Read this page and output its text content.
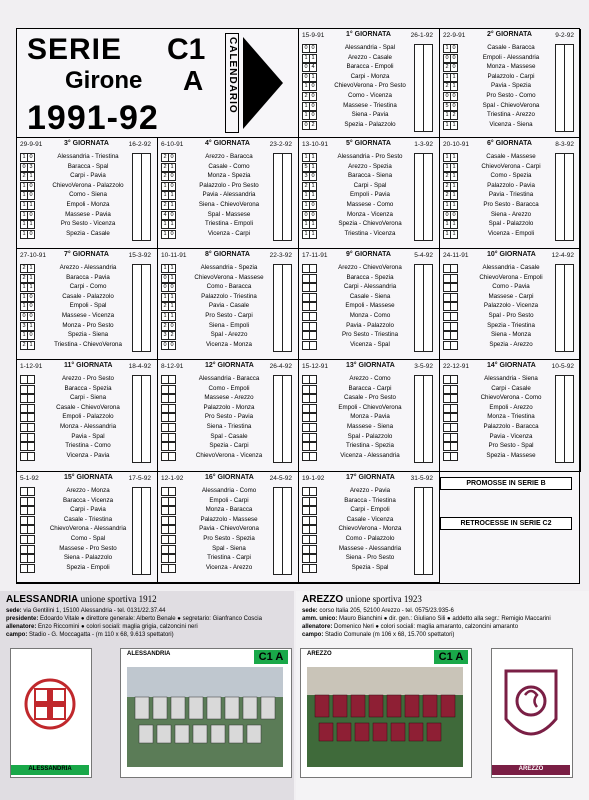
SERIE C1
Girone A
1991-92
CALENDARIO
15-9-91	1° GIORNATA	26-1-92
0 0	Alessandria - Spal
1 1	Arezzo - Casale
0 4	Baracca - Empoli
0 1	Carpi - Monza
1 0	ChievoVerona - Pro Sesto
2 0	Como - Vicenza
1 0	Massese - Triestina
1 0	Siena - Pavia
0 2	Spezia - Palazzolo
22-9-91	2° GIORNATA	9-2-92
1 0	Casale - Baracca
0 0	Empoli - Alessandria
2 0	Monza - Massese
1 1	Palazzolo - Carpi
2 1	Pavia - Spezia
0 0	Pro Sesto - Como
5 0	Spal - ChievoVerona
1 2	Triestina - Arezzo
1 1	Vicenza - Siena
29-9-91	3° GIORNATA	16-2-92
1 0	Alessandria - Triestina
0 3	Baracca - Spal
2 1	Carpi - Pavia
1 0	ChievoVerona - Palazzolo
1 0	Como - Siena
1 1	Empoli - Monza
1 0	Massese - Pavia
1 1	Pro Sesto - Vicenza
1 0	Spezia - Casale
6-10-91	4° GIORNATA	23-2-92
2 0	Arezzo - Baracca
2 1	Casale - Como
2 0	Monza - Spezia
1 0	Palazzolo - Pro Sesto
1 1	Pavia - Alessandria
2 1	Siena - ChievoVerona
4 0	Spal - Massese
1 1	Triestina - Empoli
1 0	Vicenza - Carpi
13-10-91	5° GIORNATA	1-3-92
1 1	Alessandria - Pro Sesto
5 1	Arezzo - Spezia
3 0	Baracca - Siena
2 1	Carpi - Spal
1 1	Empoli - Pavia
1 0	Massese - Como
0 0	Monza - Vicenza
1 1	Spezia - ChievoVerona
1 1	Triestina - Vicenza
20-10-91	6° GIORNATA	8-3-92
1 1	Casale - Massese
1 1	ChievoVerona - Carpi
2 1	Como - Spezia
2 1	Palazzolo - Pavia
2 1	Pavia - Triestina
1 1	Pro Sesto - Baracca
0 0	Siena - Arezzo
1 1	Spal - Palazzolo
1 1	Vicenza - Empoli
27-10-91	7° GIORNATA	15-3-92
2 1	Arezzo - Alessandria
2 1	Baracca - Pavia
1 1	Carpi - Como
1 0	Casale - Palazzolo
1 0	Empoli - Spal
0 0	Massese - Vicenza
3 1	Monza - Pro Sesto
1 0	Spezia - Siena
2 1	Triestina - ChievoVerona
10-11-91	8° GIORNATA	22-3-92
1 1	Alessandria - Spezia
0 1	ChievoVerona - Massese
0 0	Como - Baracca
1 1	Palazzolo - Triestina
2 1	Pavia - Casale
1 1	Pro Sesto - Carpi
2 0	Siena - Empoli
3 2	Spal - Arezzo
0 0	Vicenza - Monza
17-11-91	9° GIORNATA	5-4-92
Arezzo - ChievoVerona
Baracca - Spezia
Carpi - Alessandria
Casale - Siena
Empoli - Massese
Monza - Como
Pavia - Palazzolo
Pro Sesto - Triestina
Vicenza - Spal
24-11-91	10° GIORNATA 12-4-92
Alessandria - Casale
ChievoVerona - Empoli
Como - Pavia
Massese - Carpi
Palazzolo - Vicenza
Spal - Pro Sesto
Spezia - Triestina
Siena - Monza
Spezia - Arezzo
1-12-91	11° GIORNATA 18-4-92
Arezzo - Pro Sesto
Baracca - Spezia
Carpi - Siena
Casale - ChievoVerona
Empoli - Palazzolo
Monza - Alessandria
Pavia - Spal
Triestina - Como
Vicenza - Pavia
8-12-91	12° GIORNATA 26-4-92
Alessandria - Baracca
Como - Empoli
Massese - Arezzo
Palazzolo - Monza
Pro Sesto - Pavia
Siena - Triestina
Spal - Casale
Spezia - Carpi
ChievoVerona - Vicenza
15-12-91	13° GIORNATA	3-5-92
Arezzo - Como
Baracca - Carpi
Casale - Pro Sesto
Empoli - ChievoVerona
Monza - Pavia
Massese - Siena
Spal - Palazzolo
Triestina - Spezia
Vicenza - Alessandria
22-12-91	14° GIORNATA 10-5-92
Alessandria - Siena
Carpi - Casale
ChievoVerona - Como
Empoli - Arezzo
Monza - Triestina
Palazzolo - Baracca
Pavia - Vicenza
Pro Sesto - Spal
Spezia - Massese
5-1-92	15° GIORNATA 17-5-92
Arezzo - Monza
Baracca - Vicenza
Carpi - Pavia
Casale - Triestina
ChievoVerona - Alessandria
Como - Spal
Massese - Pro Sesto
Siena - Palazzolo
Spezia - Empoli
12-1-92	16° GIORNATA 24-5-92
Alessandria - Como
Empoli - Carpi
Monza - Baracca
Palazzolo - Massese
Pavia - ChievoVerona
Pro Sesto - Spezia
Spal - Siena
Triestina - Carpi
Vicenza - Arezzo
19-1-92	17° GIORNATA 31-5-92
Arezzo - Pavia
Baracca - Triestina
Carpi - Empoli
Casale - Vicenza
ChievoVerona - Monza
Como - Palazzolo
Massese - Alessandria
Siena - Pro Sesto
Spezia - Spal
PROMOSSE IN SERIE B
RETROCESSE IN SERIE C2
ALESSANDRIA unione sportiva 1912
sede: via Gentilini 1, 15100 Alessandria - tel. 0131/22.37.44
presidente: Edoardo Vitale ● direttore generale: Alberto Benale ● segretario: Gianfranco Coscia
allenatore: Enzo Riccomini ● colori sociali: maglia grigia, calzoncini neri
campo: Stadio - G. Moccagatta - (m 110 x 68, 9.613 spettatori)
ALESSANDRIA
ALESSANDRIA	C1 A
AREZZO unione sportiva 1923
sede: corso Italia 205, 52100 Arezzo - tel. 0575/23.935-6
amm. unico: Mauro Bianchini ● dir. gen.: Giuliano Sili ● addetto alla segr.: Remigio Maccarini
allenatore: Domenico Neri ● colori sociali: maglia amaranto, calzoncini amaranto
campo: Stadio Comunale (m 106 x 68, 15.700 spettatori)
AREZZO	C1 A
AREZZO
